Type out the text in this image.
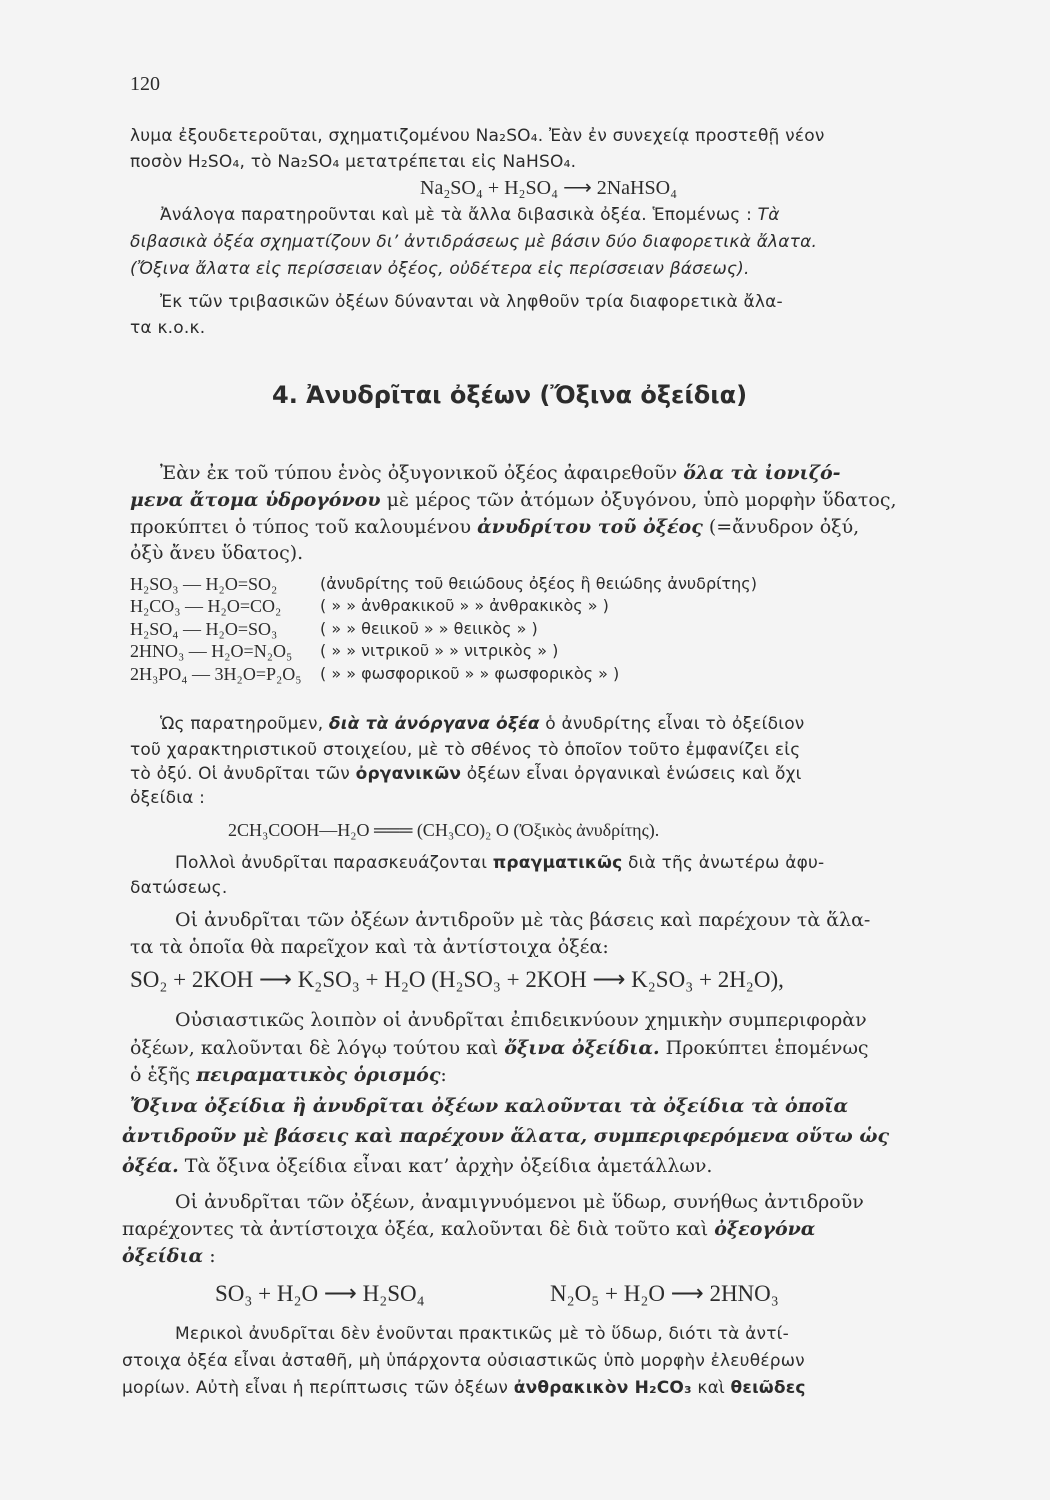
120
λυμα ἐξουδετεροῦται, σχηματιζομένου Na₂SO₄. Ἐὰν ἐν συνεχείᾳ προστεθῇ νέον
ποσὸν H₂SO₄, τὸ Na₂SO₄ μετατρέπεται εἰς NaHSO₄.
Na₂SO₄ + H₂SO₄ ⟶ 2NaHSO₄
Ἀνάλογα παρατηροῦνται καὶ μὲ τὰ ἄλλα διβασικὰ ὀξέα. Ἑπομένως : Τὰ
διβασικὰ ὀξέα σχηματίζουν δι’ ἀντιδράσεως μὲ βάσιν δύο διαφορετικὰ ἄλατα.
(Ὄξινα ἄλατα εἰς περίσσειαν ὀξέος, οὐδέτερα εἰς περίσσειαν βάσεως).
Ἐκ τῶν τριβασικῶν ὀξέων δύνανται νὰ ληφθοῦν τρία διαφορετικὰ ἄλα-
τα κ.ο.κ.
4. Ἀνυδρῖται ὀξέων (Ὄξινα ὀξείδια)
Ἐὰν ἐκ τοῦ τύπου ἑνὸς ὀξυγονικοῦ ὀξέος ἀφαιρεθοῦν ὅλα τὰ ἰονιζό-
μενα ἄτομα ὑδρογόνου μὲ μέρος τῶν ἀτόμων ὀξυγόνου, ὑπὸ μορφὴν ὕδατος,
προκύπτει ὁ τύπος τοῦ καλουμένου ἀνυδρίτου τοῦ ὀξέος (=ἄνυδρον ὀξύ,
ὀξὺ ἄνευ ὕδατος).
H₂SO₃ — H₂O=SO₂	(ἀνυδρίτης τοῦ θειώδους ὀξέος ἢ θειώδης ἀνυδρίτης)
H₂CO₃ — H₂O=CO₂ ( » » ἀνθρακικοῦ » » ἀνθρακικὸς » )
H₂SO₄ — H₂O=SO₃	( » » θειικοῦ » » θειικὸς » )
2HNO₃ — H₂O=N₂O₅ ( » » νιτρικοῦ » » νιτρικὸς » )
2H₃PO₄ — 3H₂O=P₂O₅ ( » » φωσφορικοῦ » » φωσφορικὸς » )
Ὡς παρατηροῦμεν, διὰ τὰ ἀνόργανα ὀξέα ὁ ἀνυδρίτης εἶναι τὸ ὀξείδιον
τοῦ χαρακτηριστικοῦ στοιχείου, μὲ τὸ σθένος τὸ ὁποῖον τοῦτο ἐμφανίζει εἰς
τὸ ὀξύ. Οἱ ἀνυδρῖται τῶν ὀργανικῶν ὀξέων εἶναι ὀργανικαὶ ἑνώσεις καὶ ὄχι
ὀξείδια :
2CH₃COOH—H₂O ═══ (CH₃CO)₂ O (Ὀξικὸς ἀνυδρίτης).
Πολλοὶ ἀνυδρῖται παρασκευάζονται πραγματικῶς διὰ τῆς ἀνωτέρω ἀφυ-
δατώσεως.
Οἱ ἀνυδρῖται τῶν ὀξέων ἀντιδροῦν μὲ τὰς βάσεις καὶ παρέχουν τὰ ἅλα-
τα τὰ ὁποῖα θὰ παρεῖχον καὶ τὰ ἀντίστοιχα ὀξέα:
SO₂ + 2KOH ⟶ K₂SO₃ + H₂O (H₂SO₃ + 2KOH ⟶ K₂SO₃ + 2H₂O),
Οὐσιαστικῶς λοιπὸν οἱ ἀνυδρῖται ἐπιδεικνύουν χημικὴν συμπεριφορὰν
ὀξέων, καλοῦνται δὲ λόγῳ τούτου καὶ ὄξινα ὀξείδια. Προκύπτει ἑπομένως
ὁ ἑξῆς πειραματικὸς ὁρισμός:
Ὄξινα ὀξείδια ἢ ἀνυδρῖται ὀξέων καλοῦνται τὰ ὀξείδια τὰ ὁποῖα
ἀντιδροῦν μὲ βάσεις καὶ παρέχουν ἅλατα, συμπεριφερόμενα οὕτω ὡς
ὀξέα. Τὰ ὄξινα ὀξείδια εἶναι κατ’ ἀρχὴν ὀξείδια ἀμετάλλων.
Οἱ ἀνυδρῖται τῶν ὀξέων, ἀναμιγνυόμενοι μὲ ὕδωρ, συνήθως ἀντιδροῦν
παρέχοντες τὰ ἀντίστοιχα ὀξέα, καλοῦνται δὲ διὰ τοῦτο καὶ ὀξεογόνα
ὀξείδια :
SO₃ + H₂O ⟶ H₂SO₄	N₂O₅ + H₂O ⟶ 2HNO₃
Μερικοὶ ἀνυδρῖται δὲν ἑνοῦνται πρακτικῶς μὲ τὸ ὕδωρ, διότι τὰ ἀντί-
στοιχα ὀξέα εἶναι ἀσταθῆ, μὴ ὑπάρχοντα οὐσιαστικῶς ὑπὸ μορφὴν ἐλευθέρων
μορίων. Αὐτὴ εἶναι ἡ περίπτωσις τῶν ὀξέων ἀνθρακικὸν H₂CO₃ καὶ θειῶδες
